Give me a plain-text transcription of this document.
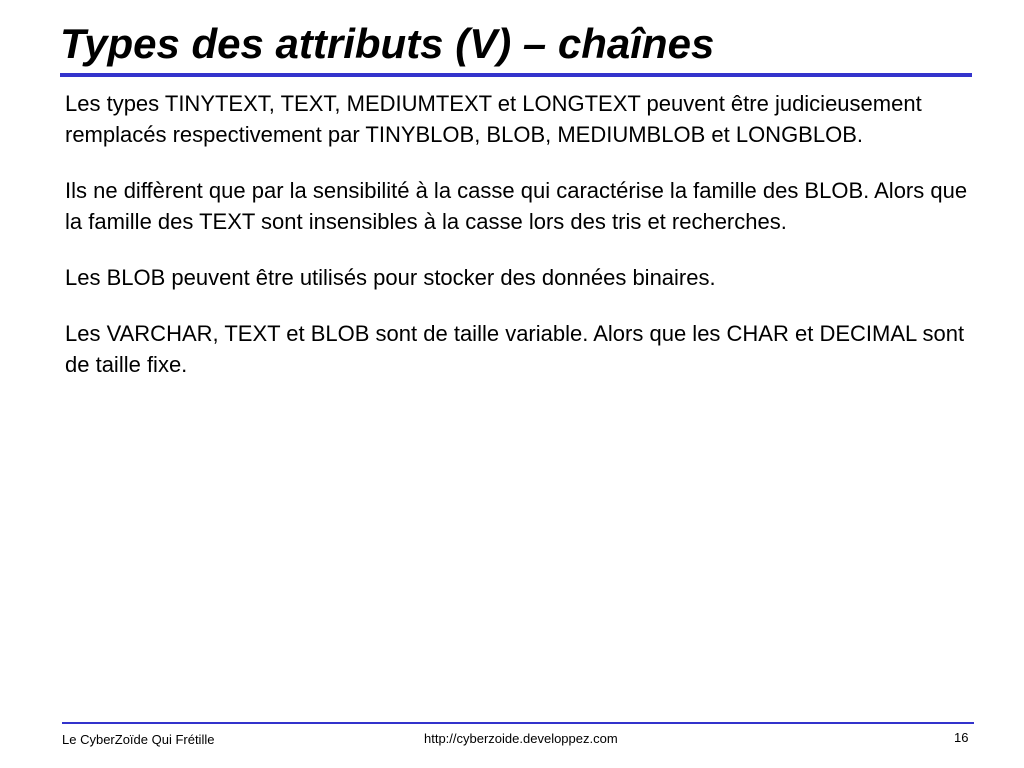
Types des attributs (V) – chaînes

Les types TINYTEXT, TEXT, MEDIUMTEXT et LONGTEXT peuvent être judicieusement remplacés respectivement par TINYBLOB, BLOB, MEDIUMBLOB et LONGBLOB.

Ils ne diffèrent que par la sensibilité à la casse qui caractérise la famille des BLOB. Alors que la famille des TEXT sont insensibles à la casse lors des tris et recherches.

Les BLOB peuvent être utilisés pour stocker des données binaires.

Les VARCHAR, TEXT et BLOB sont de taille variable. Alors que les CHAR et DECIMAL sont de taille fixe.

Le CyberZoïde Qui Frétille	http://cyberzoide.developpez.com	16
